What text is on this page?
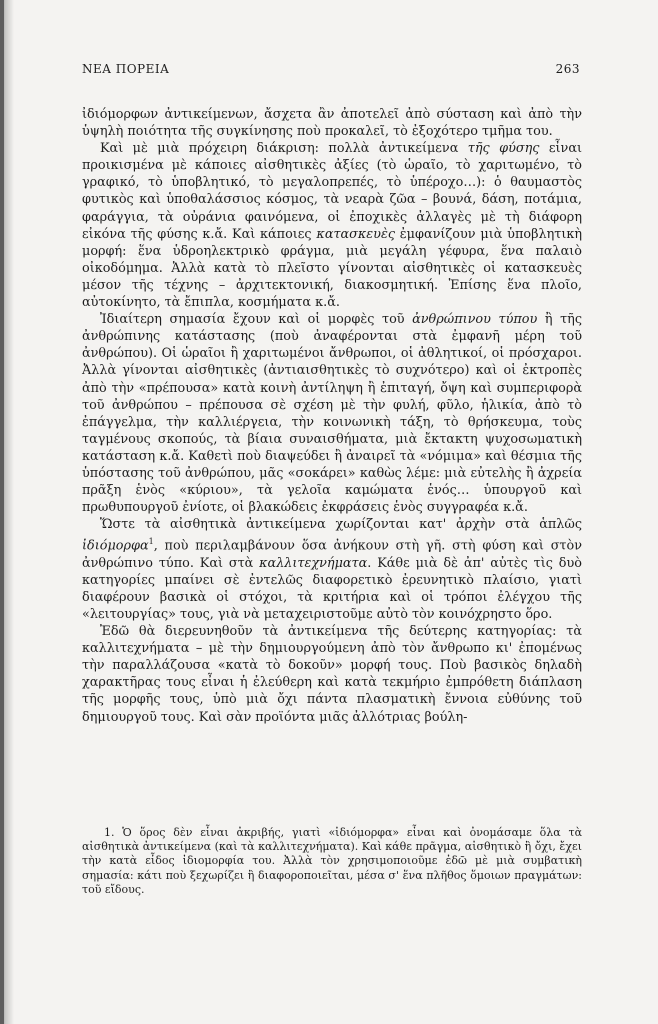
ΝΕΑ ΠΟΡΕΙΑ	263

ἰδιόμορφων ἀντικείμενων, ἄσχετα ἂν ἀποτελεῖ ἀπὸ σύσταση καὶ ἀπὸ τὴν ὑψηλὴ ποιότητα τῆς συγκίνησης ποὺ προκαλεῖ, τὸ ἐξοχότερο τμῆμα του.

Καὶ μὲ μιὰ πρόχειρη διάκριση: πολλὰ ἀντικείμενα τῆς φύσης εἶναι προικισμένα μὲ κάποιες αἰσθητικὲς ἀξίες (τὸ ὡραῖο, τὸ χαριτωμένο, τὸ γραφικό, τὸ ὑποβλητικό, τὸ μεγαλοπρεπές, τὸ ὑπέροχο…): ὁ θαυμαστὸς φυτικὸς καὶ ὑποθαλάσσιος κόσμος, τὰ νεαρὰ ζῶα – βουνά, δάση, ποτάμια, φαράγγια, τὰ οὐράνια φαινόμενα, οἱ ἐποχικὲς ἀλλαγὲς μὲ τὴ διάφορη εἰκόνα τῆς φύσης κ.ἄ. Καὶ κάποιες κατασκευὲς ἐμφανίζουν μιὰ ὑποβλητικὴ μορφή: ἕνα ὑδροηλεκτρικὸ φράγμα, μιὰ μεγάλη γέφυρα, ἕνα παλαιὸ οἰκοδόμημα. Ἀλλὰ κατὰ τὸ πλεῖστο γίνονται αἰσθητικὲς οἱ κατασκευὲς μέσον τῆς τέχνης – ἀρχιτεκτονική, διακοσμητική. Ἐπίσης ἕνα πλοῖο, αὐτοκίνητο, τὰ ἔπιπλα, κοσμήματα κ.ἄ.

Ἰδιαίτερη σημασία ἔχουν καὶ οἱ μορφὲς τοῦ ἀνθρώπινου τύπου ἢ τῆς ἀνθρώπινης κατάστασης (ποὺ ἀναφέρονται στὰ ἐμφανῆ μέρη τοῦ ἀνθρώπου). Οἱ ὡραῖοι ἢ χαριτωμένοι ἄνθρωποι, οἱ ἀθλητικοί, οἱ πρόσχαροι. Ἀλλὰ γίνονται αἰσθητικὲς (ἀντιαισθητικὲς τὸ συχνότερο) καὶ οἱ ἐκτροπὲς ἀπὸ τὴν «πρέπουσα» κατὰ κοινὴ ἀντίληψη ἢ ἐπιταγή, ὄψη καὶ συμπεριφορὰ τοῦ ἀνθρώπου – πρέπουσα σὲ σχέση μὲ τὴν φυλή, φῦλο, ἡλικία, ἀπὸ τὸ ἐπάγγελμα, τὴν καλλιέργεια, τὴν κοινωνικὴ τάξη, τὸ θρήσκευμα, τοὺς ταγμένους σκοπούς, τὰ βίαια συναισθήματα, μιὰ ἔκτακτη ψυχοσωματικὴ κατάσταση κ.ἄ. Καθετὶ ποὺ διαψεύδει ἢ ἀναιρεῖ τὰ «νόμιμα» καὶ θέσμια τῆς ὑπόστασης τοῦ ἀνθρώπου, μᾶς «σοκάρει» καθὼς λέμε: μιὰ εὐτελὴς ἢ ἀχρεία πρᾶξη ἑνὸς «κύριου», τὰ γελοῖα καμώματα ἑνός… ὑπουργοῦ καὶ πρωθυπουργοῦ ἐνίοτε, οἱ βλακώδεις ἐκφράσεις ἑνὸς συγγραφέα κ.ἄ.

Ὥστε τὰ αἰσθητικὰ ἀντικείμενα χωρίζονται κατ' ἀρχὴν στὰ ἁπλῶς ἰδιόμορφα$^1$, ποὺ περιλαμβάνουν ὅσα ἀνήκουν στὴ γῆ. στὴ φύση καὶ στὸν ἀνθρώπινο τύπο. Καὶ στὰ καλλιτεχνήματα. Κάθε μιὰ δὲ ἀπ' αὐτὲς τὶς δυὸ κατηγορίες μπαίνει σὲ ἐντελῶς διαφορετικὸ ἐρευνητικὸ πλαίσιο, γιατὶ διαφέρουν βασικὰ οἱ στόχοι, τὰ κριτήρια καὶ οἱ τρόποι ἐλέγχου τῆς «λειτουργίας» τους, γιὰ νὰ μεταχειριστοῦμε αὐτὸ τὸν κοινόχρηστο ὅρο.

Ἐδῶ θὰ διερευνηθοῦν τὰ ἀντικείμενα τῆς δεύτερης κατηγορίας: τὰ καλλιτεχνήματα – μὲ τὴν δημιουργούμενη ἀπὸ τὸν ἄνθρωπο κι' ἐπομένως τὴν παραλλάζουσα «κατὰ τὸ δοκοῦν» μορφή τους. Ποὺ βασικὸς δηλαδὴ χαρακτῆρας τους εἶναι ἡ ἐλεύθερη καὶ κατὰ τεκμήριο ἐμπρόθετη διάπλαση τῆς μορφῆς τους, ὑπὸ μιὰ ὄχι πάντα πλασματικὴ ἔννοια εὐθύνης τοῦ δημιουργοῦ τους. Καὶ σὰν προϊόντα μιᾶς ἀλλότριας βούλη-

1. Ὁ ὅρος δὲν εἶναι ἀκριβής, γιατὶ «ἰδιόμορφα» εἶναι καὶ ὀνομάσαμε ὅλα τὰ αἰσθητικὰ ἀντικείμενα (καὶ τὰ καλλιτεχνήματα). Καὶ κάθε πρᾶγμα, αἰσθητικὸ ἢ ὄχι, ἔχει τὴν κατὰ εἶδος ἰδιομορφία του. Ἀλλὰ τὸν χρησιμοποιοῦμε ἐδῶ μὲ μιὰ συμβατικὴ σημασία: κάτι ποὺ ξεχωρίζει ἢ διαφοροποιεῖται, μέσα σ' ἕνα πλῆθος ὅμοιων πραγμάτων: τοῦ εἴδους.
